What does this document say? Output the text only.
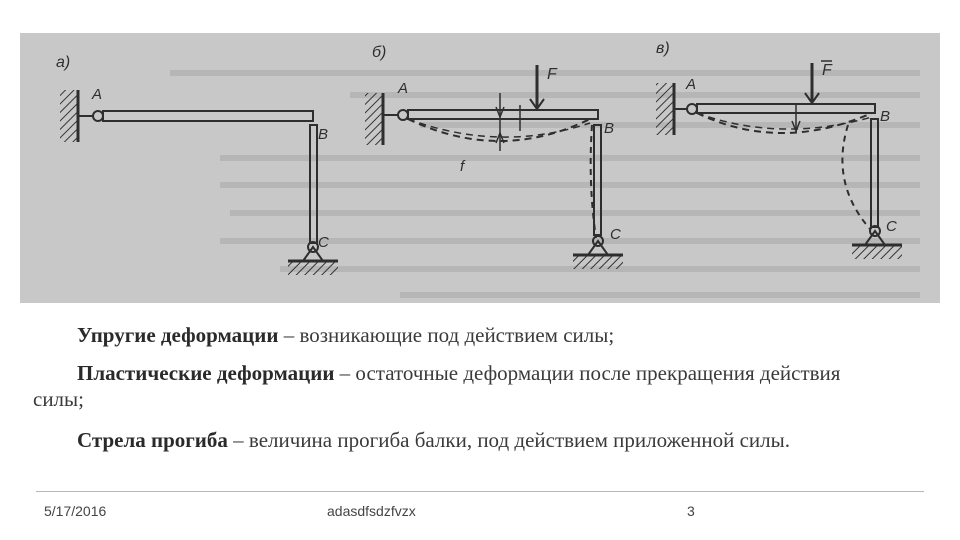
а)
A
B
C
б)
A
B
C
F
f
в)
A
B
C
F
Упругие деформации – возникающие под действием силы;
Пластические деформации – остаточные деформации после прекращения действия силы;
Стрела прогиба – величина прогиба балки, под действием приложенной силы.
5/17/2016	adasdfsdzfvzx	3
